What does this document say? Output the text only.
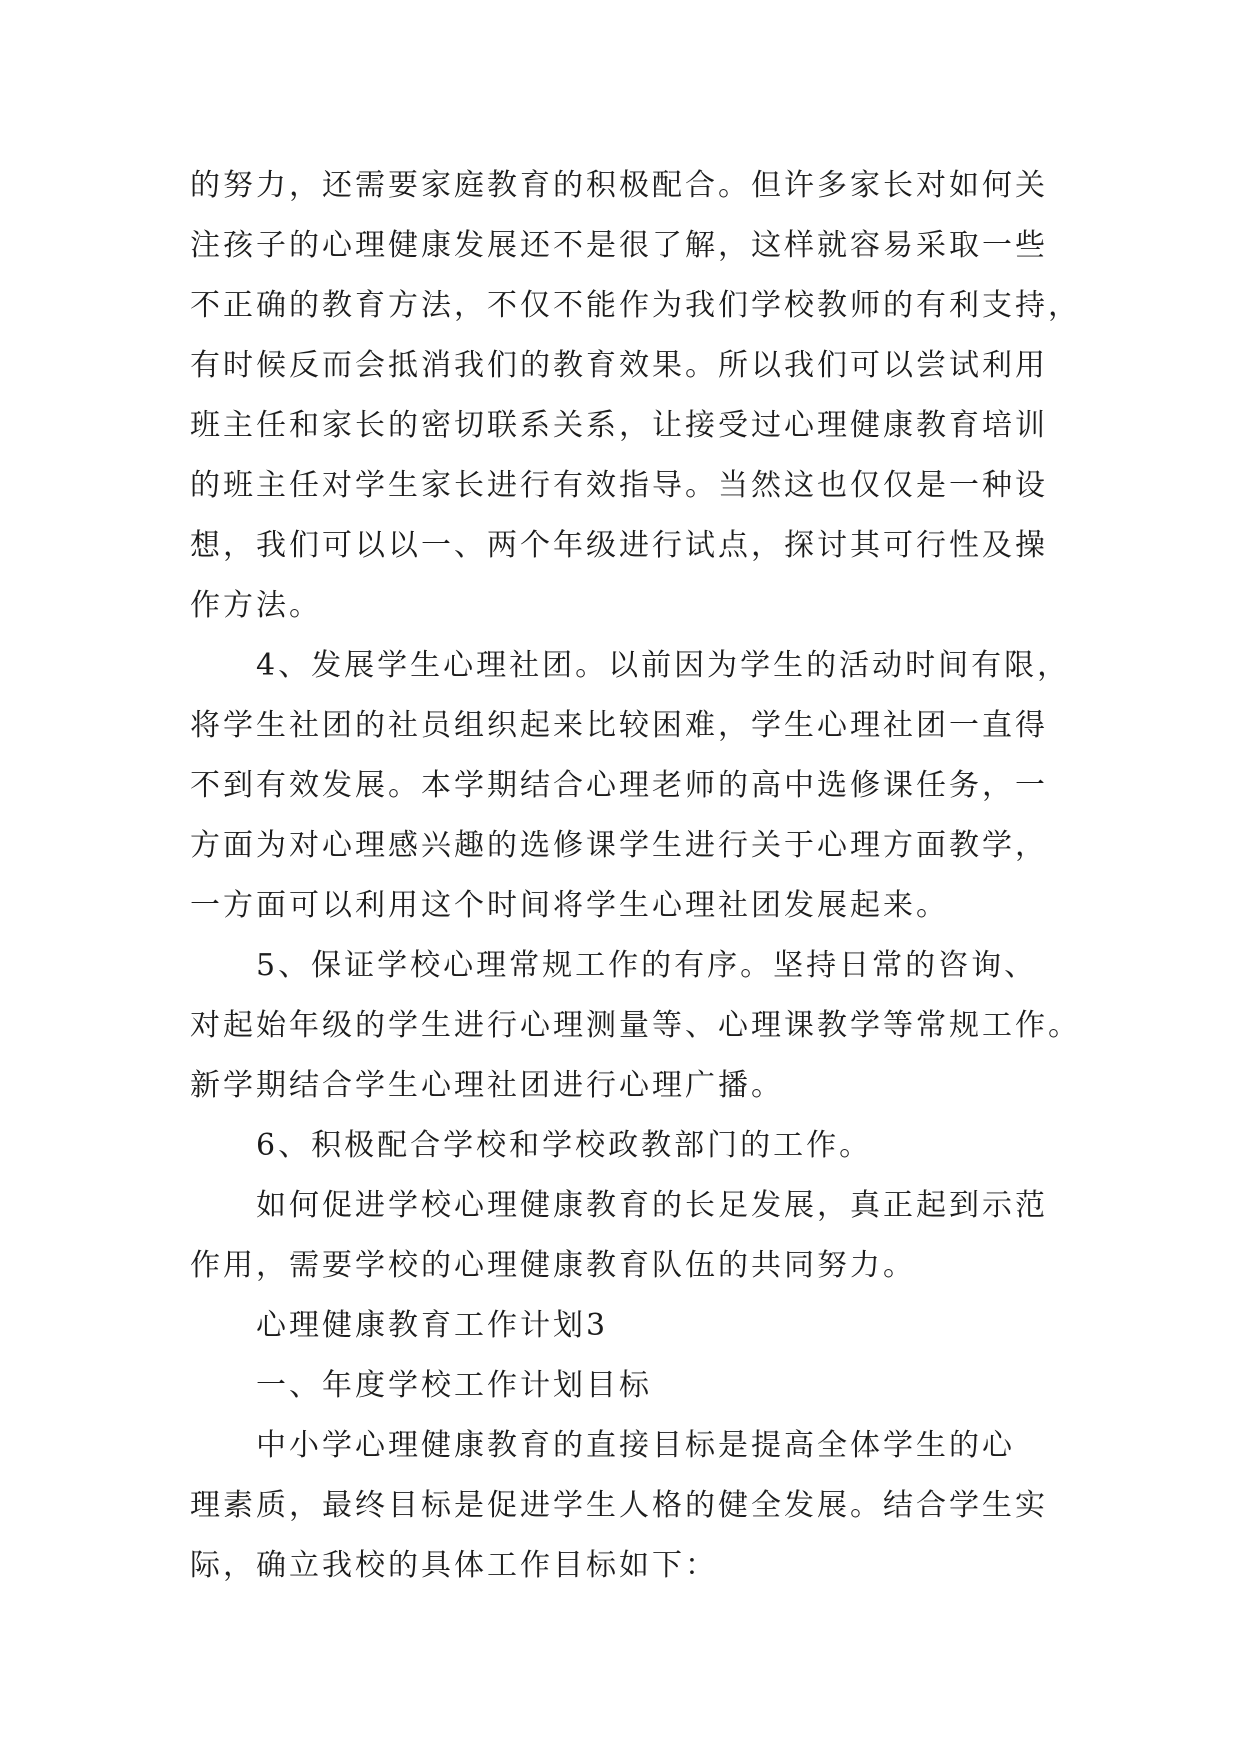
的努力，还需要家庭教育的积极配合。但许多家长对如何关

注孩子的心理健康发展还不是很了解，这样就容易采取一些

不正确的教育方法，不仅不能作为我们学校教师的有利支持，

有时候反而会抵消我们的教育效果。所以我们可以尝试利用

班主任和家长的密切联系关系，让接受过心理健康教育培训

的班主任对学生家长进行有效指导。当然这也仅仅是一种设

想，我们可以以一、两个年级进行试点，探讨其可行性及操

作方法。

4、发展学生心理社团。以前因为学生的活动时间有限，

将学生社团的社员组织起来比较困难，学生心理社团一直得

不到有效发展。本学期结合心理老师的高中选修课任务，一

方面为对心理感兴趣的选修课学生进行关于心理方面教学，

一方面可以利用这个时间将学生心理社团发展起来。

5、保证学校心理常规工作的有序。坚持日常的咨询、

对起始年级的学生进行心理测量等、心理课教学等常规工作。

新学期结合学生心理社团进行心理广播。

6、积极配合学校和学校政教部门的工作。

如何促进学校心理健康教育的长足发展，真正起到示范

作用，需要学校的心理健康教育队伍的共同努力。

心理健康教育工作计划3

一、年度学校工作计划目标

中小学心理健康教育的直接目标是提高全体学生的心

理素质，最终目标是促进学生人格的健全发展。结合学生实

际，确立我校的具体工作目标如下：
